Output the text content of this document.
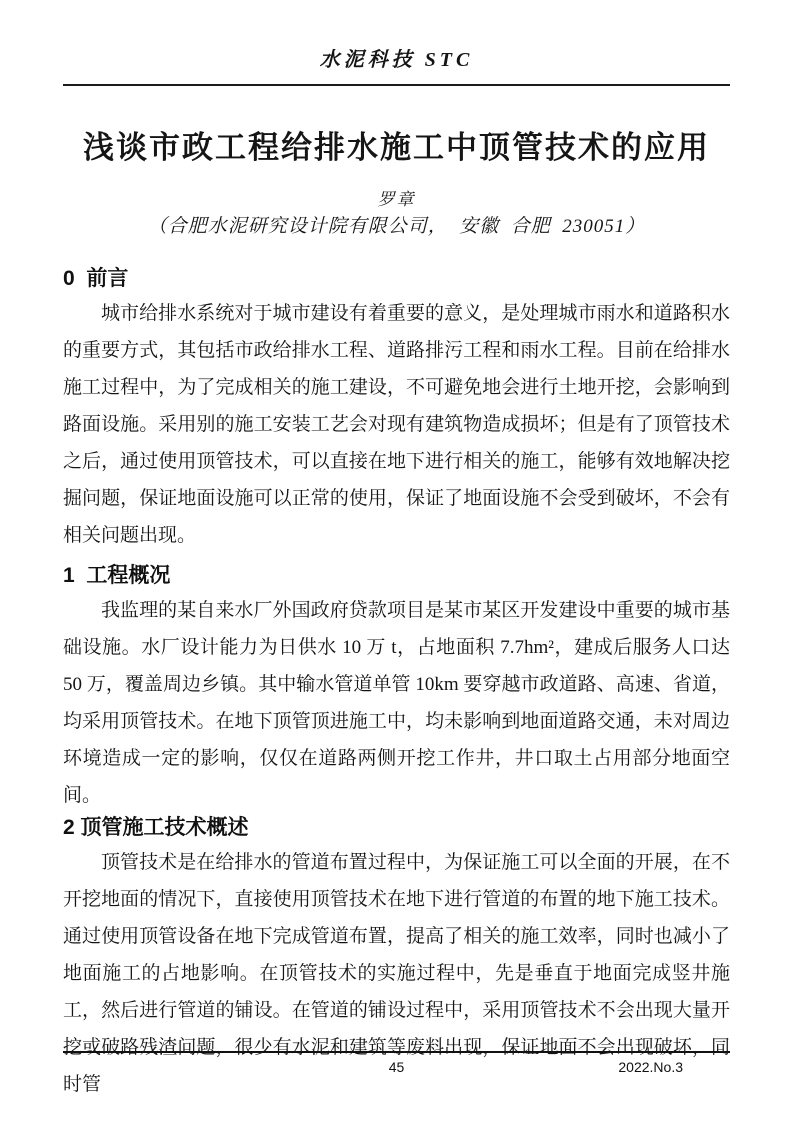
水泥科技 STC
浅谈市政工程给排水施工中顶管技术的应用
罗章
（合肥水泥研究设计院有限公司，  安徽  合肥  230051）
0  前言

城市给排水系统对于城市建设有着重要的意义，是处理城市雨水和道路积水的重要方式，其包括市政给排水工程、道路排污工程和雨水工程。目前在给排水施工过程中，为了完成相关的施工建设，不可避免地会进行土地开挖，会影响到路面设施。采用别的施工安装工艺会对现有建筑物造成损坏；但是有了顶管技术之后，通过使用顶管技术，可以直接在地下进行相关的施工，能够有效地解决挖掘问题，保证地面设施可以正常的使用，保证了地面设施不会受到破坏，不会有相关问题出现。

1  工程概况

我监理的某自来水厂外国政府贷款项目是某市某区开发建设中重要的城市基础设施。水厂设计能力为日供水 10 万 t，占地面积 7.7hm²，建成后服务人口达 50 万，覆盖周边乡镇。其中输水管道单管 10km 要穿越市政道路、高速、省道，均采用顶管技术。在地下顶管顶进施工中，均未影响到地面道路交通，未对周边环境造成一定的影响，仅仅在道路两侧开挖工作井，井口取土占用部分地面空间。

2 顶管施工技术概述

顶管技术是在给排水的管道布置过程中，为保证施工可以全面的开展，在不开挖地面的情况下，直接使用顶管技术在地下进行管道的布置的地下施工技术。通过使用顶管设备在地下完成管道布置，提高了相关的施工效率，同时也减小了地面施工的占地影响。在顶管技术的实施过程中，先是垂直于地面完成竖井施工，然后进行管道的铺设。在管道的铺设过程中，采用顶管技术不会出现大量开挖或破路残渣问题，很少有水泥和建筑等废料出现，保证地面不会出现破坏，同时管

45	2022.No.3
